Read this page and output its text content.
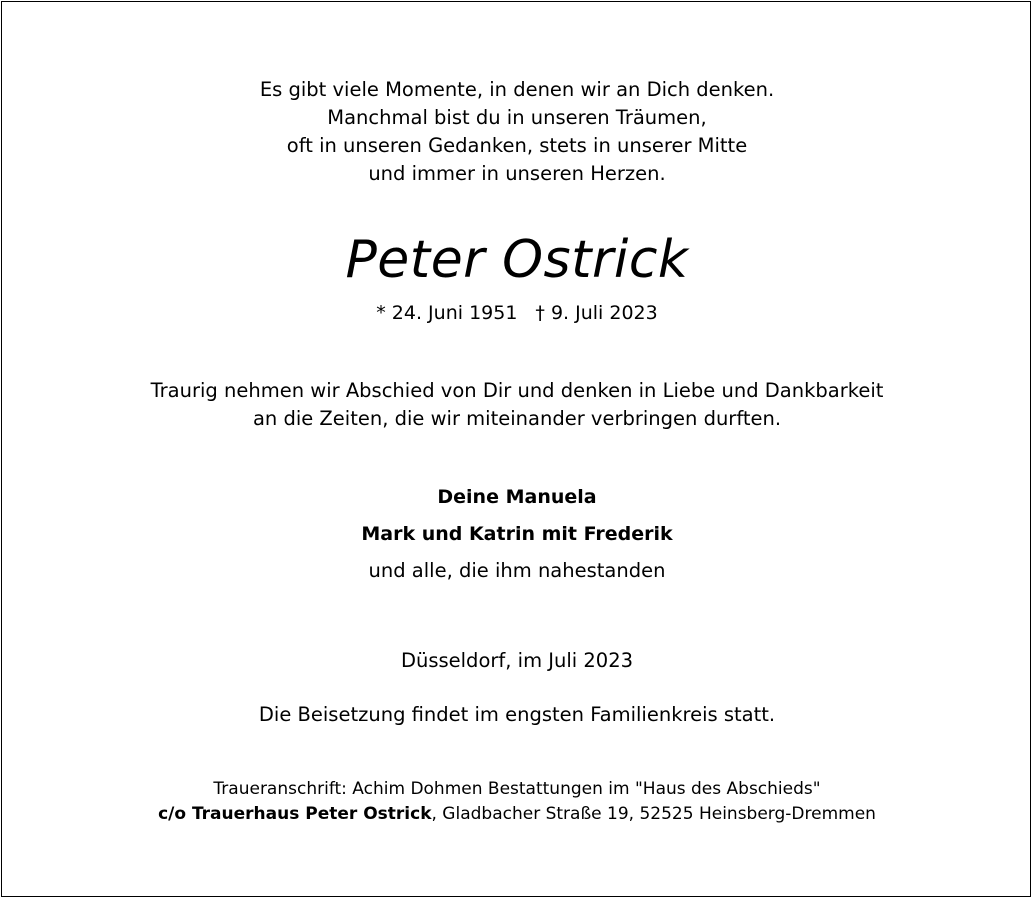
Es gibt viele Momente, in denen wir an Dich denken.
Manchmal bist du in unseren Träumen,
oft in unseren Gedanken, stets in unserer Mitte
und immer in unseren Herzen.
Peter Ostrick
* 24. Juni 1951 † 9. Juli 2023
Traurig nehmen wir Abschied von Dir und denken in Liebe und Dankbarkeit
an die Zeiten, die wir miteinander verbringen durften.
Deine Manuela
Mark und Katrin mit Frederik
und alle, die ihm nahestanden
Düsseldorf, im Juli 2023
Die Beisetzung findet im engsten Familienkreis statt.
Traueranschrift: Achim Dohmen Bestattungen im "Haus des Abschieds"
c/o Trauerhaus Peter Ostrick, Gladbacher Straße 19, 52525 Heinsberg-Dremmen
